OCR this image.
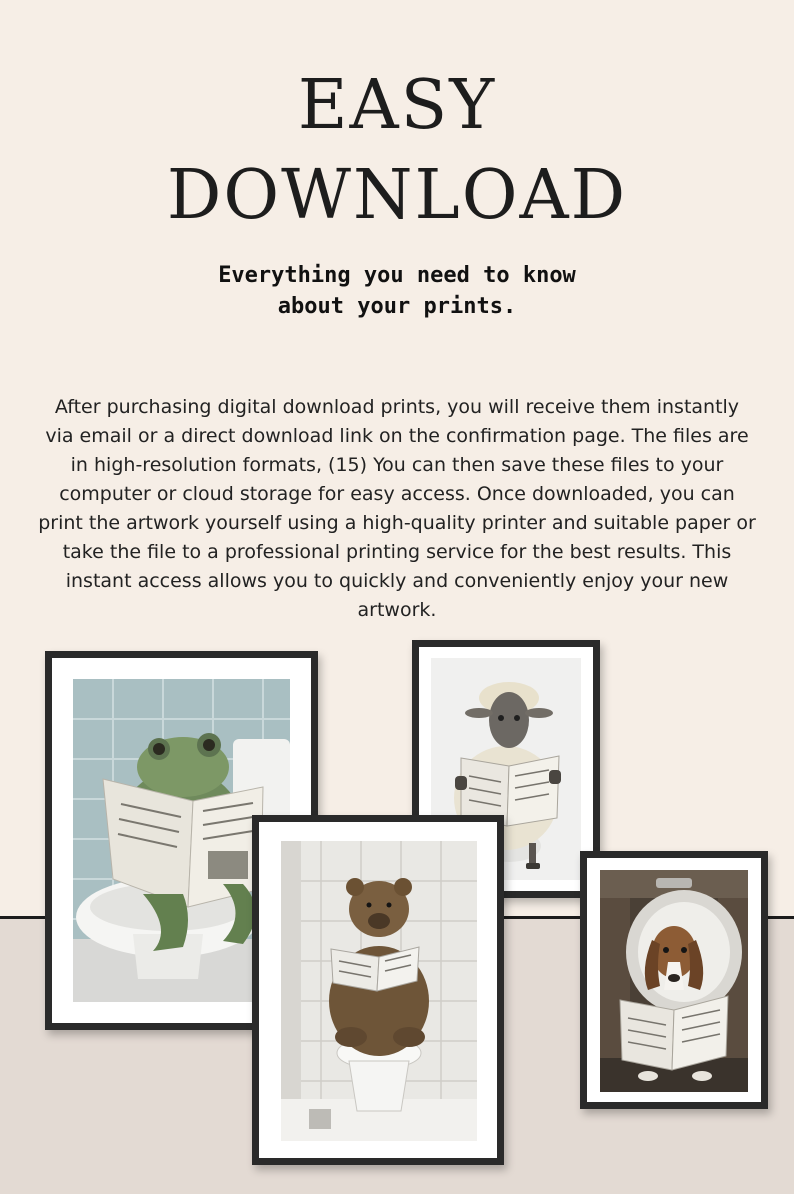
EASY
DOWNLOAD

Everything you need to know
about your prints.

After purchasing digital download prints, you will receive them instantly
via email or a direct download link on the confirmation page. The files are
in high-resolution formats, (15) You can then save these files to your
computer or cloud storage for easy access. Once downloaded, you can
print the artwork yourself using a high-quality printer and suitable paper or
take the file to a professional printing service for the best results. This
instant access allows you to quickly and conveniently enjoy your new
artwork.
